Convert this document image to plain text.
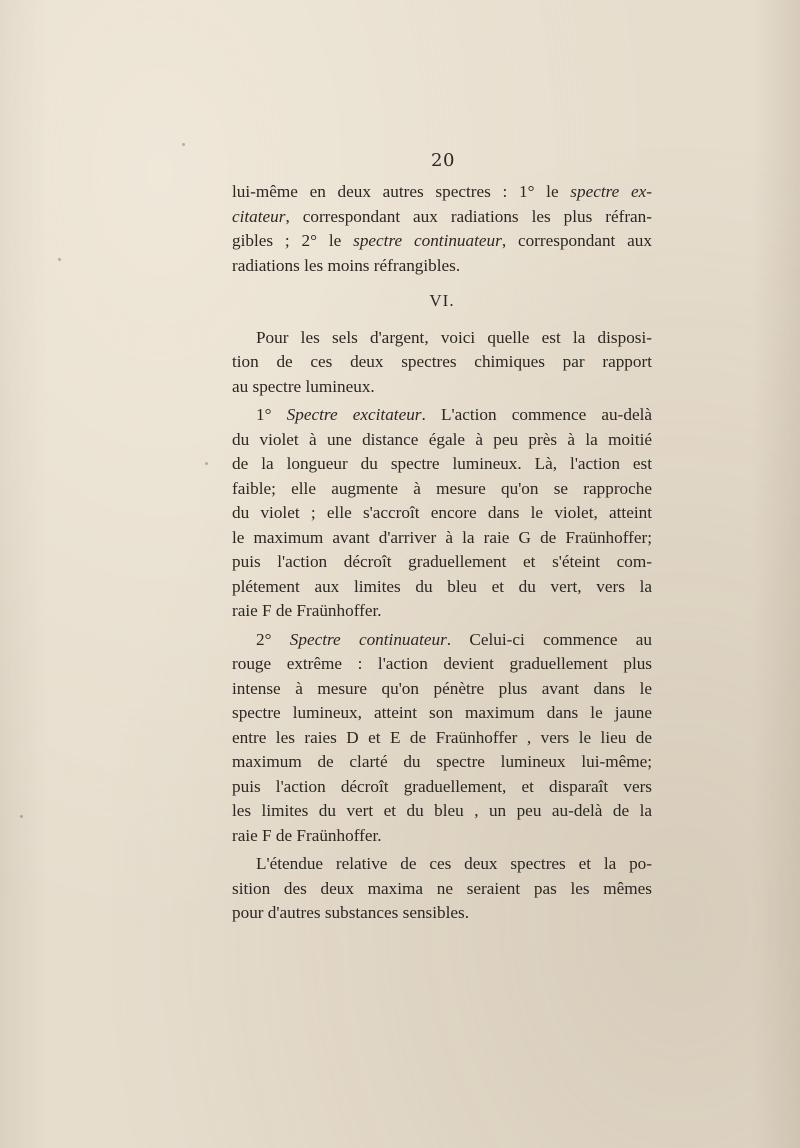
20
lui-même en deux autres spectres : 1° le spectre ex-
citateur, correspondant aux radiations les plus réfran-
gibles ; 2° le spectre continuateur, correspondant aux
radiations les moins réfrangibles.
VI.
Pour les sels d'argent, voici quelle est la disposi-
tion de ces deux spectres chimiques par rapport
au spectre lumineux.
1° Spectre excitateur. L'action commence au-delà
du violet à une distance égale à peu près à la moitié
de la longueur du spectre lumineux. Là, l'action est
faible; elle augmente à mesure qu'on se rapproche
du violet ; elle s'accroît encore dans le violet, atteint
le maximum avant d'arriver à la raie G de Fraünhoffer;
puis l'action décroît graduellement et s'éteint com-
plétement aux limites du bleu et du vert, vers la
raie F de Fraünhoffer.
2° Spectre continuateur. Celui-ci commence au
rouge extrême : l'action devient graduellement plus
intense à mesure qu'on pénètre plus avant dans le
spectre lumineux, atteint son maximum dans le jaune
entre les raies D et E de Fraünhoffer , vers le lieu de
maximum de clarté du spectre lumineux lui-même;
puis l'action décroît graduellement, et disparaît vers
les limites du vert et du bleu , un peu au-delà de la
raie F de Fraünhoffer.
L'étendue relative de ces deux spectres et la po-
sition des deux maxima ne seraient pas les mêmes
pour d'autres substances sensibles.
